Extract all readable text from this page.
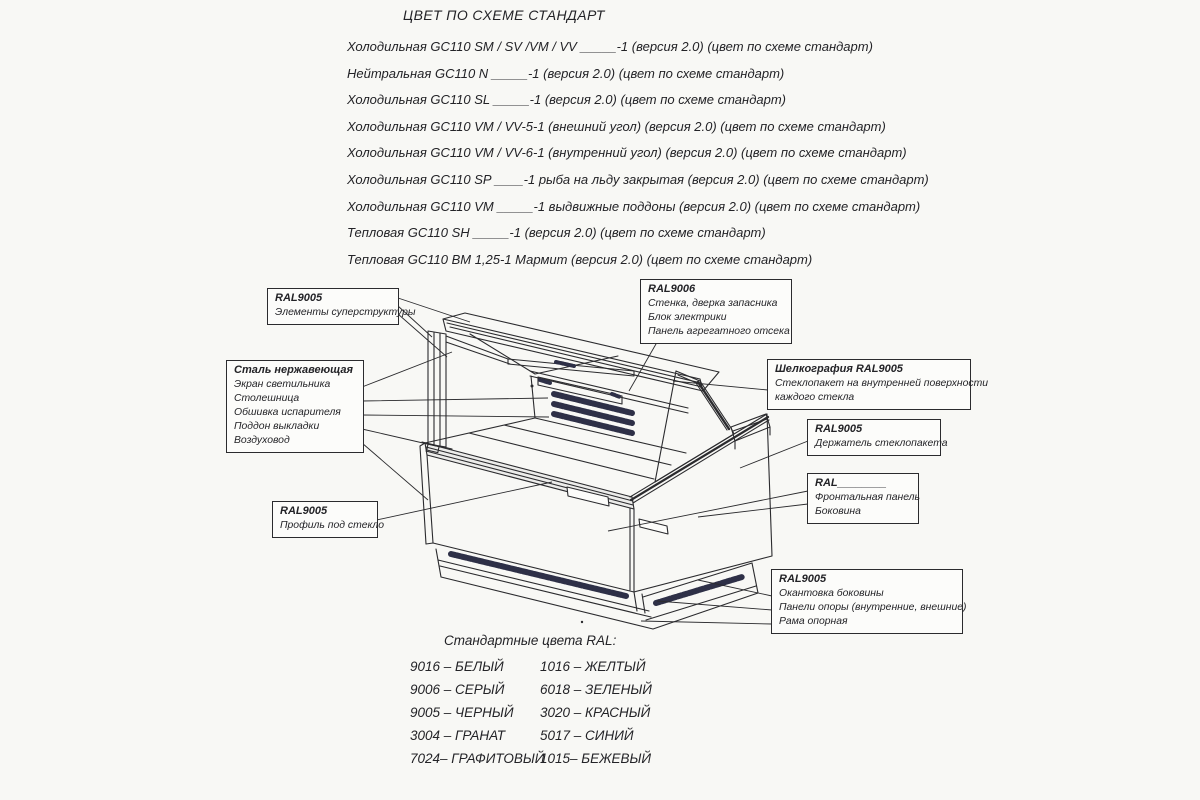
ЦВЕТ ПО СХЕМЕ СТАНДАРТ
Холодильная GC110 SM / SV /VM / VV _____-1 (версия 2.0) (цвет по схеме стандарт)
Нейтральная GC110 N _____-1 (версия 2.0) (цвет по схеме стандарт)
Холодильная GC110 SL _____-1 (версия 2.0) (цвет по схеме стандарт)
Холодильная GC110 VM / VV-5-1 (внешний угол) (версия 2.0) (цвет по схеме стандарт)
Холодильная GC110 VM / VV-6-1 (внутренний угол) (версия 2.0) (цвет по схеме стандарт)
Холодильная GC110 SP ____-1 рыба на льду закрытая (версия 2.0) (цвет по схеме стандарт)
Холодильная GC110 VM _____-1 выдвижные поддоны (версия 2.0) (цвет по схеме стандарт)
Тепловая GC110 SH _____-1 (версия 2.0) (цвет по схеме стандарт)
Тепловая GC110 ВМ 1,25-1 Мармит (версия 2.0) (цвет по схеме стандарт)
RAL9005
Элементы суперструктуры
RAL9006
Стенка, дверка запасника
Блок электрики
Панель агрегатного отсека
Сталь нержавеющая
Экран светильника
Столешница
Обшивка испарителя
Поддон выкладки
Воздуховод
Шелкография RAL9005
Стеклопакет на внутренней поверхности
каждого стекла
RAL9005
Держатель стеклопакета
RAL________
Фронтальная панель
Боковина
RAL9005
Профиль под стекло
RAL9005
Окантовка боковины
Панели опоры (внутренние, внешние)
Рама опорная
Стандартные цвета RAL:
9016 – БЕЛЫЙ
9006 – СЕРЫЙ
9005 – ЧЕРНЫЙ
3004 – ГРАНАТ
7024– ГРАФИТОВЫЙ
1016 – ЖЕЛТЫЙ
6018 – ЗЕЛЕНЫЙ
3020 – КРАСНЫЙ
5017 – СИНИЙ
1015– БЕЖЕВЫЙ
